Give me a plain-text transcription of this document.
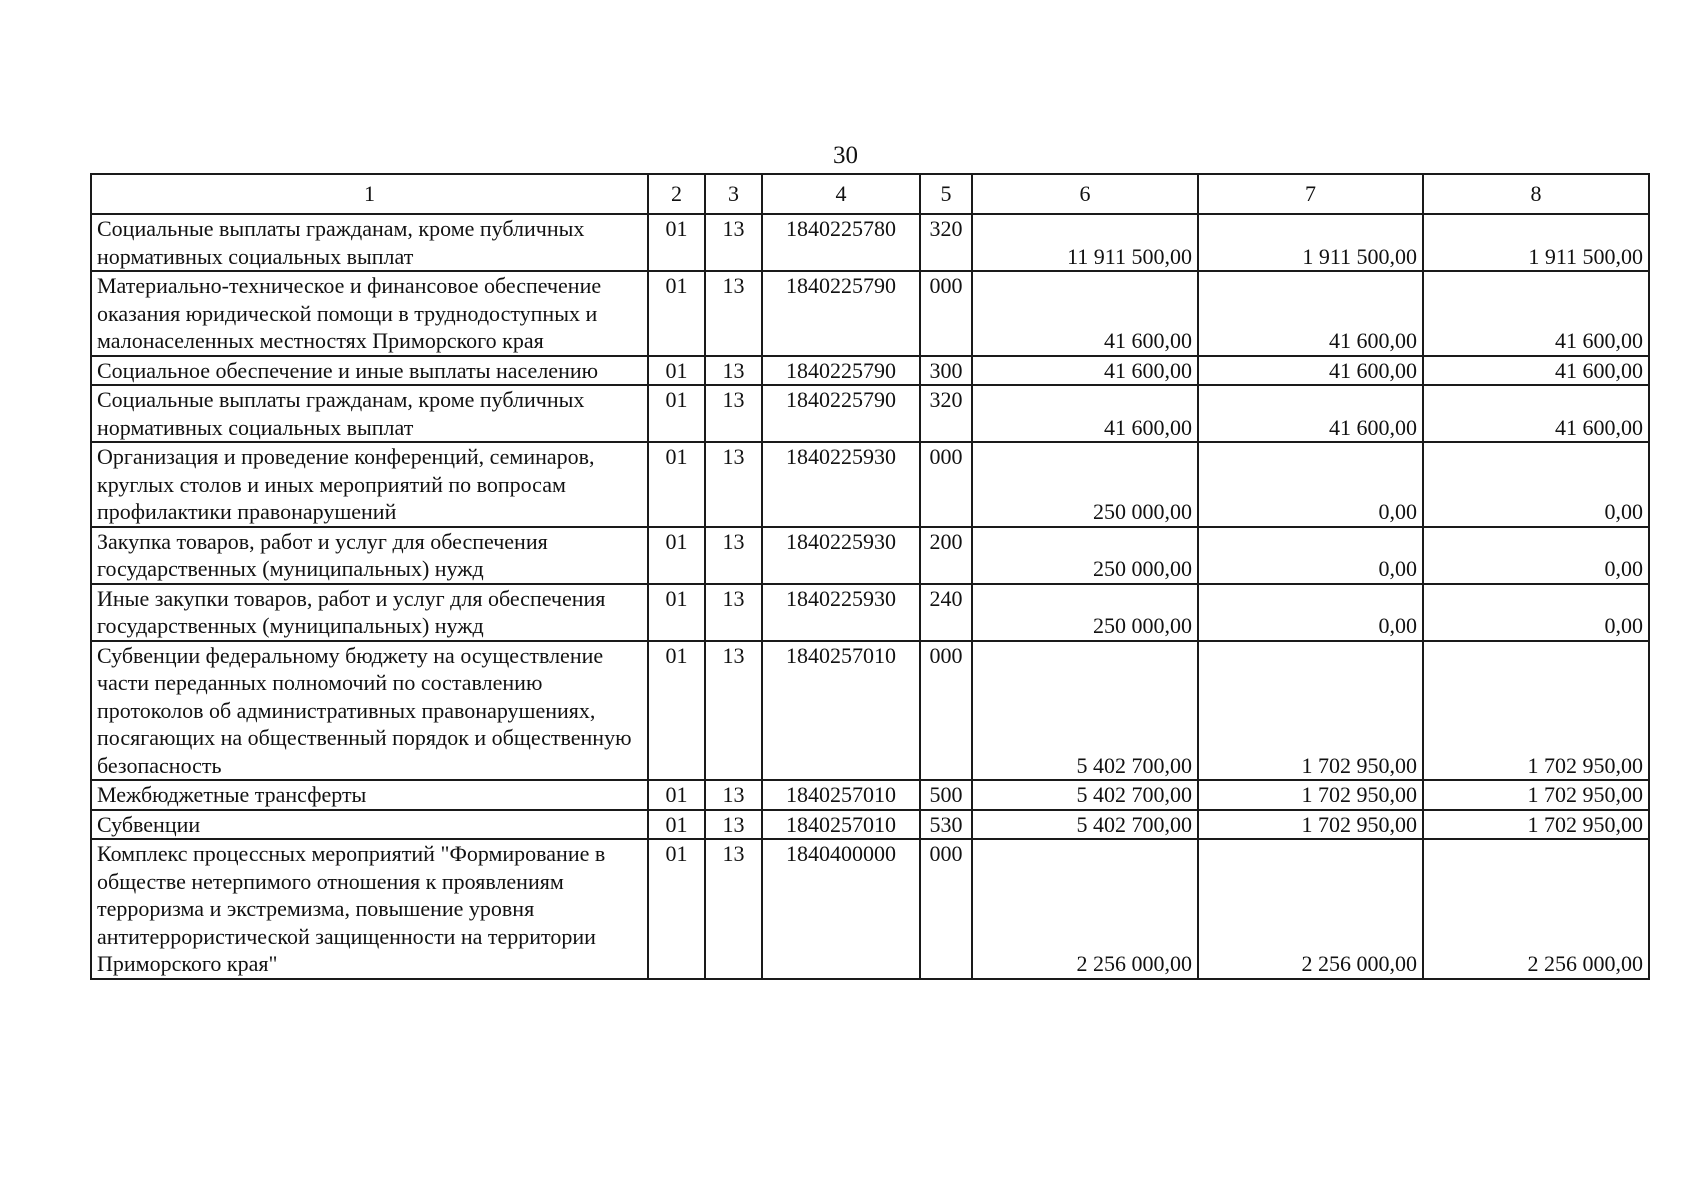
30
1	2	3	4	5	6	7	8
Социальные выплаты гражданам, кроме публичных нормативных социальных выплат	01	13	1840225780	320	11 911 500,00	1 911 500,00	1 911 500,00
Материально-техническое и финансовое обеспечение оказания юридической помощи в труднодоступных и малонаселенных местностях Приморского края	01	13	1840225790	000	41 600,00	41 600,00	41 600,00
Социальное обеспечение и иные выплаты населению	01	13	1840225790	300	41 600,00	41 600,00	41 600,00
Социальные выплаты гражданам, кроме публичных нормативных социальных выплат	01	13	1840225790	320	41 600,00	41 600,00	41 600,00
Организация и проведение конференций, семинаров, круглых столов и иных мероприятий по вопросам профилактики правонарушений	01	13	1840225930	000	250 000,00	0,00	0,00
Закупка товаров, работ и услуг для обеспечения государственных (муниципальных) нужд	01	13	1840225930	200	250 000,00	0,00	0,00
Иные закупки товаров, работ и услуг для обеспечения государственных (муниципальных) нужд	01	13	1840225930	240	250 000,00	0,00	0,00
Субвенции федеральному бюджету на осуществление части переданных полномочий по составлению протоколов об административных правонарушениях, посягающих на общественный порядок и общественную безопасность	01	13	1840257010	000	5 402 700,00	1 702 950,00	1 702 950,00
Межбюджетные трансферты	01	13	1840257010	500	5 402 700,00	1 702 950,00	1 702 950,00
Субвенции	01	13	1840257010	530	5 402 700,00	1 702 950,00	1 702 950,00
Комплекс процессных мероприятий "Формирование в обществе нетерпимого отношения к проявлениям терроризма и экстремизма, повышение уровня антитеррористической защищенности на территории Приморского края"	01	13	1840400000	000	2 256 000,00	2 256 000,00	2 256 000,00
